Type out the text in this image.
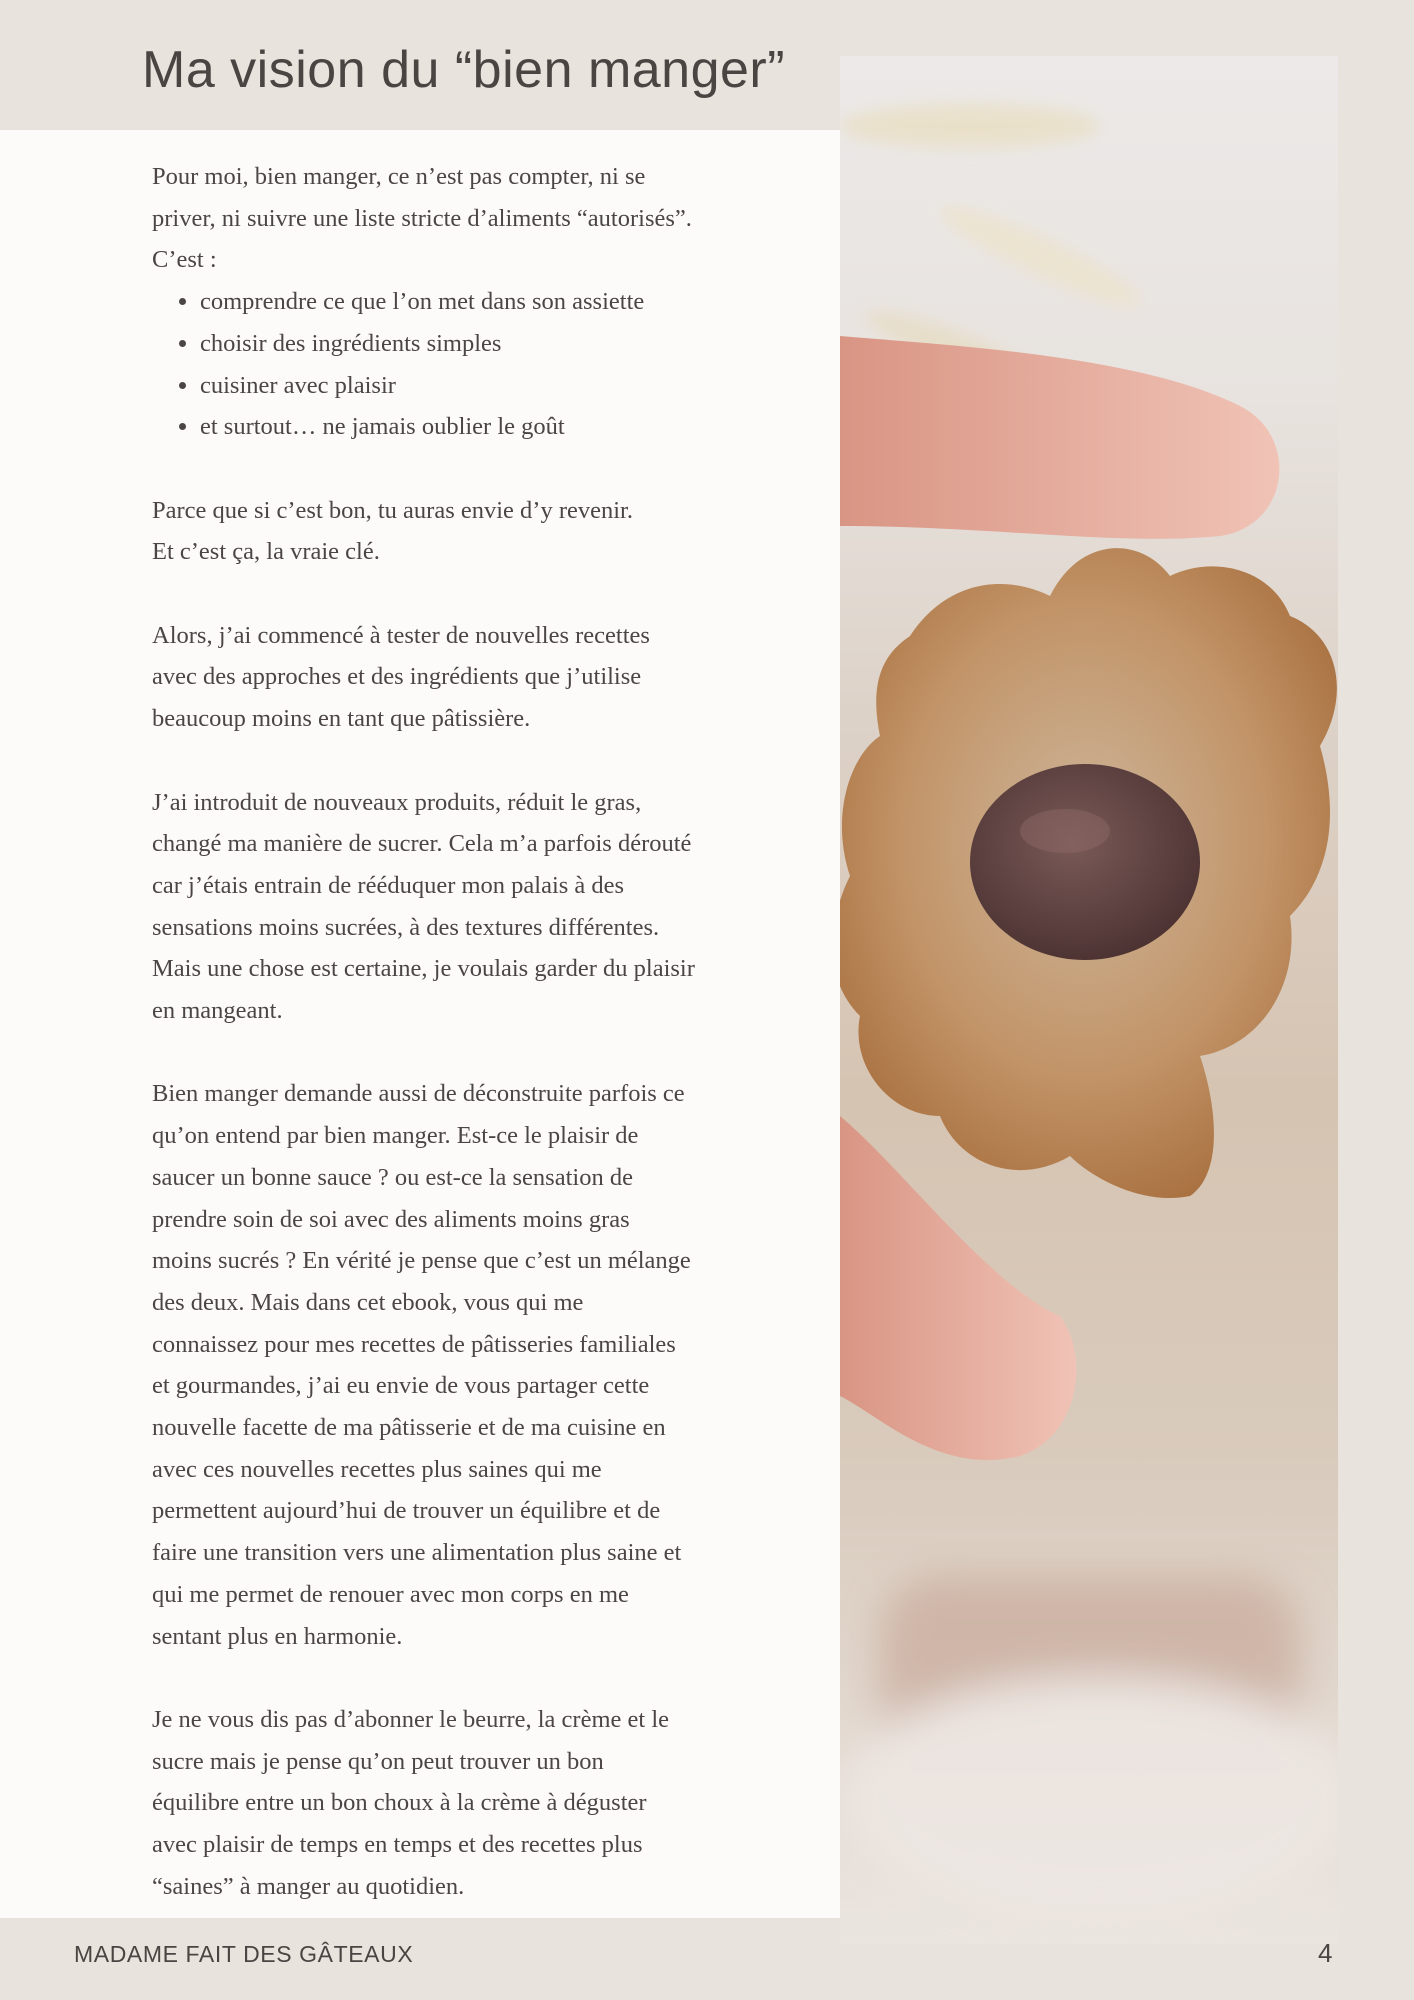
Ma vision du “bien manger”

Pour moi, bien manger, ce n’est pas compter, ni se
priver, ni suivre une liste stricte d’aliments “autorisés”.
C’est :

• comprendre ce que l’on met dans son assiette
• choisir des ingrédients simples
• cuisiner avec plaisir
• et surtout… ne jamais oublier le goût

Parce que si c’est bon, tu auras envie d’y revenir.
Et c’est ça, la vraie clé.

Alors, j’ai commencé à tester de nouvelles recettes
avec des approches et des ingrédients que j’utilise
beaucoup moins en tant que pâtissière.

J’ai introduit de nouveaux produits, réduit le gras,
changé ma manière de sucrer. Cela m’a parfois dérouté
car j’étais entrain de rééduquer mon palais à des
sensations moins sucrées, à des textures différentes.
Mais une chose est certaine, je voulais garder du plaisir
en mangeant.

Bien manger demande aussi de déconstruite parfois ce
qu’on entend par bien manger. Est-ce le plaisir de
saucer un bonne sauce ? ou est-ce la sensation de
prendre soin de soi avec des aliments moins gras
moins sucrés ? En vérité je pense que c’est un mélange
des deux. Mais dans cet ebook, vous qui me
connaissez pour mes recettes de pâtisseries familiales
et gourmandes, j’ai eu envie de vous partager cette
nouvelle facette de ma pâtisserie et de ma cuisine en
avec ces nouvelles recettes plus saines qui me
permettent aujourd’hui de trouver un équilibre et de
faire une transition vers une alimentation plus saine et
qui me permet de renouer avec mon corps en me
sentant plus en harmonie.

Je ne vous dis pas d’abonner le beurre, la crème et le
sucre mais je pense qu’on peut trouver un bon
équilibre entre un bon choux à la crème à déguster
avec plaisir de temps en temps et des recettes plus
“saines” à manger au quotidien.

MADAME FAIT DES GÂTEAUX	4
